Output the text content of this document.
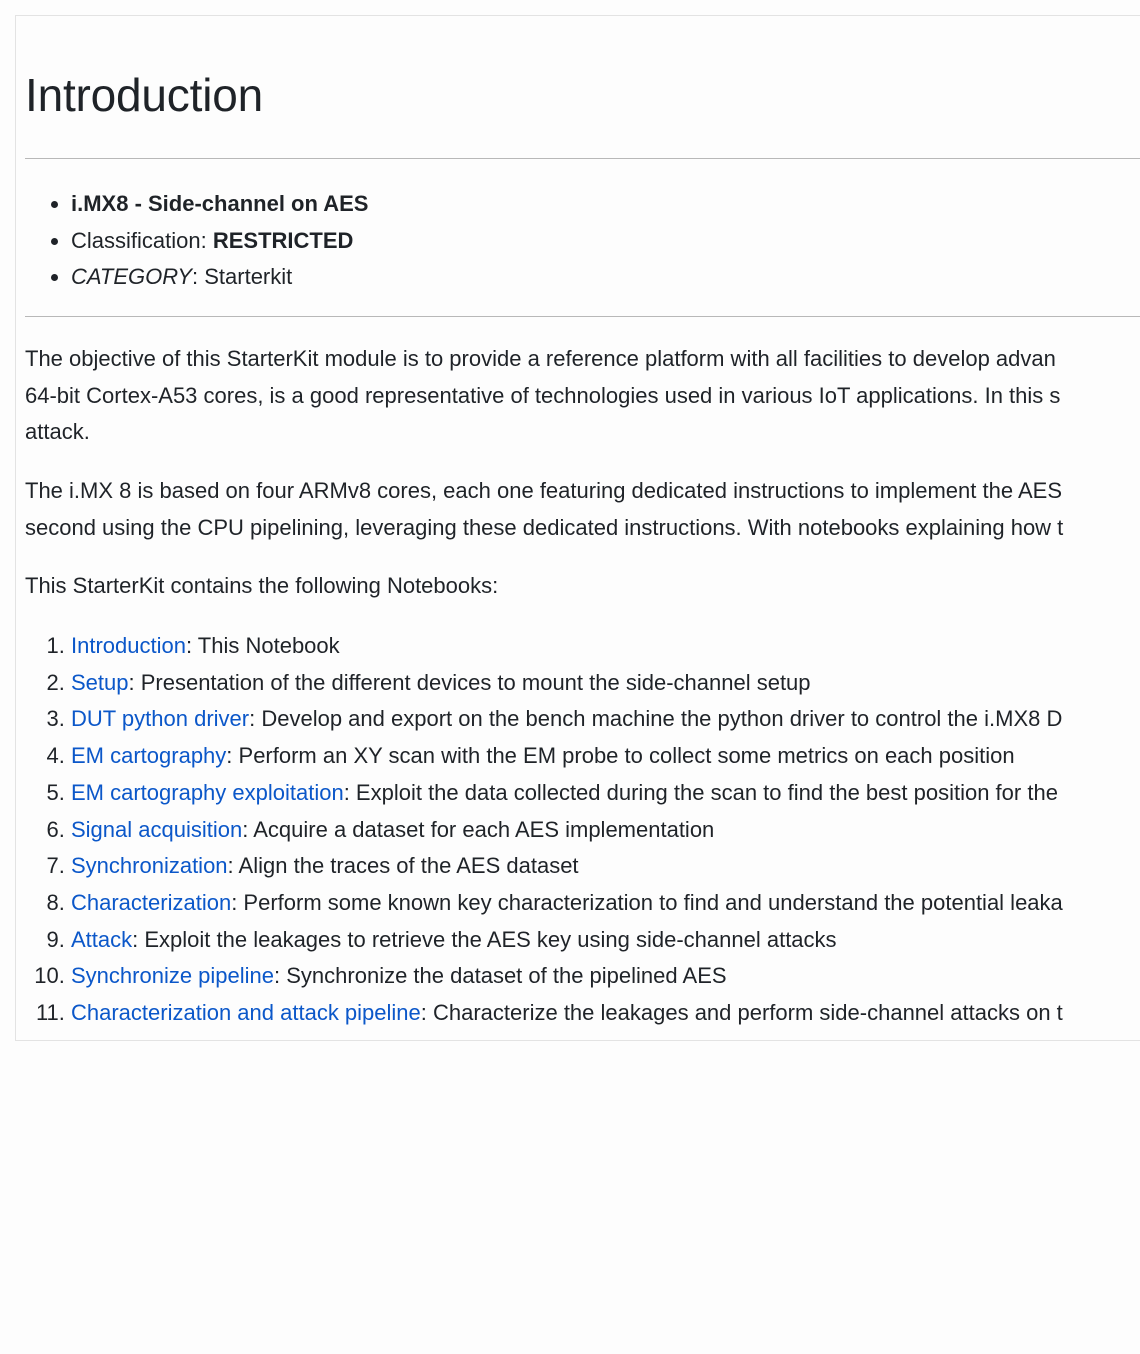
Introduction
• i.MX8 - Side-channel on AES
• Classification: RESTRICTED
• CATEGORY: Starterkit

The objective of this StarterKit module is to provide a reference platform with all facilities to develop advan
64-bit Cortex-A53 cores, is a good representative of technologies used in various IoT applications. In this s
attack.

The i.MX 8 is based on four ARMv8 cores, each one featuring dedicated instructions to implement the AES
second using the CPU pipelining, leveraging these dedicated instructions. With notebooks explaining how t

This StarterKit contains the following Notebooks:

1. Introduction: This Notebook
2. Setup: Presentation of the different devices to mount the side-channel setup
3. DUT python driver: Develop and export on the bench machine the python driver to control the i.MX8 D
4. EM cartography: Perform an XY scan with the EM probe to collect some metrics on each position
5. EM cartography exploitation: Exploit the data collected during the scan to find the best position for the
6. Signal acquisition: Acquire a dataset for each AES implementation
7. Synchronization: Align the traces of the AES dataset
8. Characterization: Perform some known key characterization to find and understand the potential leaka
9. Attack: Exploit the leakages to retrieve the AES key using side-channel attacks
10. Synchronize pipeline: Synchronize the dataset of the pipelined AES
11. Characterization and attack pipeline: Characterize the leakages and perform side-channel attacks on t
